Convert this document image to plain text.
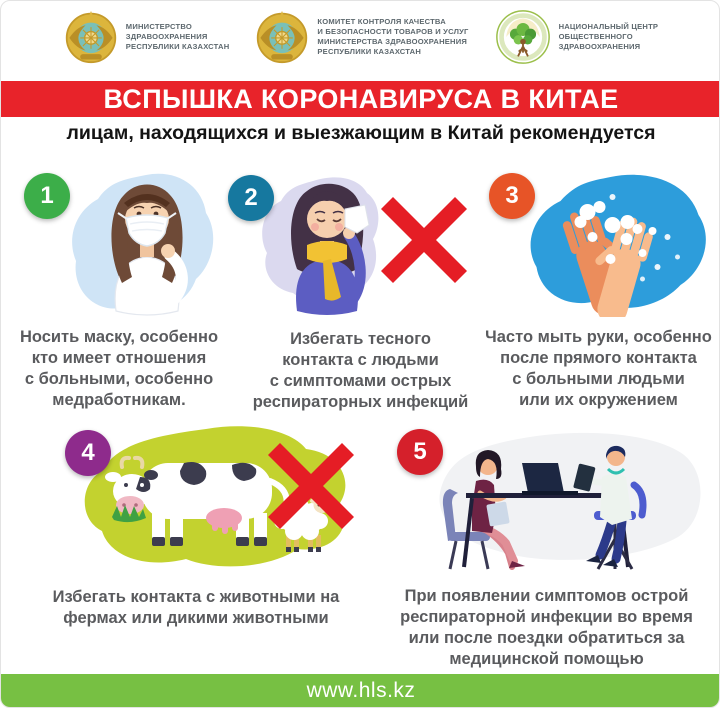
МИНИСТЕРСТВО
ЗДРАВООХРАНЕНИЯ
РЕСПУБЛИКИ КАЗАХСТАН
КОМИТЕТ КОНТРОЛЯ КАЧЕСТВА
И БЕЗОПАСНОСТИ ТОВАРОВ И УСЛУГ
МИНИСТЕРСТВА ЗДРАВООХРАНЕНИЯ
РЕСПУБЛИКИ КАЗАХСТАН
НАЦИОНАЛЬНЫЙ ЦЕНТР
ОБЩЕСТВЕННОГО
ЗДРАВООХРАНЕНИЯ
ВСПЫШКА КОРОНАВИРУСА В КИТАЕ
лицам, находящихся и выезжающим в Китай рекомендуется
1	2	3
4	5

Носить маску, особенно
кто имеет отношения
с больными, особенно
медработникам.

Избегать тесного
контакта с людьми
с симптомами острых
респираторных инфекций

Часто мыть руки, особенно
после прямого контакта
с больными людьми
или их окружением

Избегать контакта с животными на
фермах или дикими животными

При появлении симптомов острой
респираторной инфекции во время
или после поездки обратиться за
медицинской помощью

www.hls.kz
